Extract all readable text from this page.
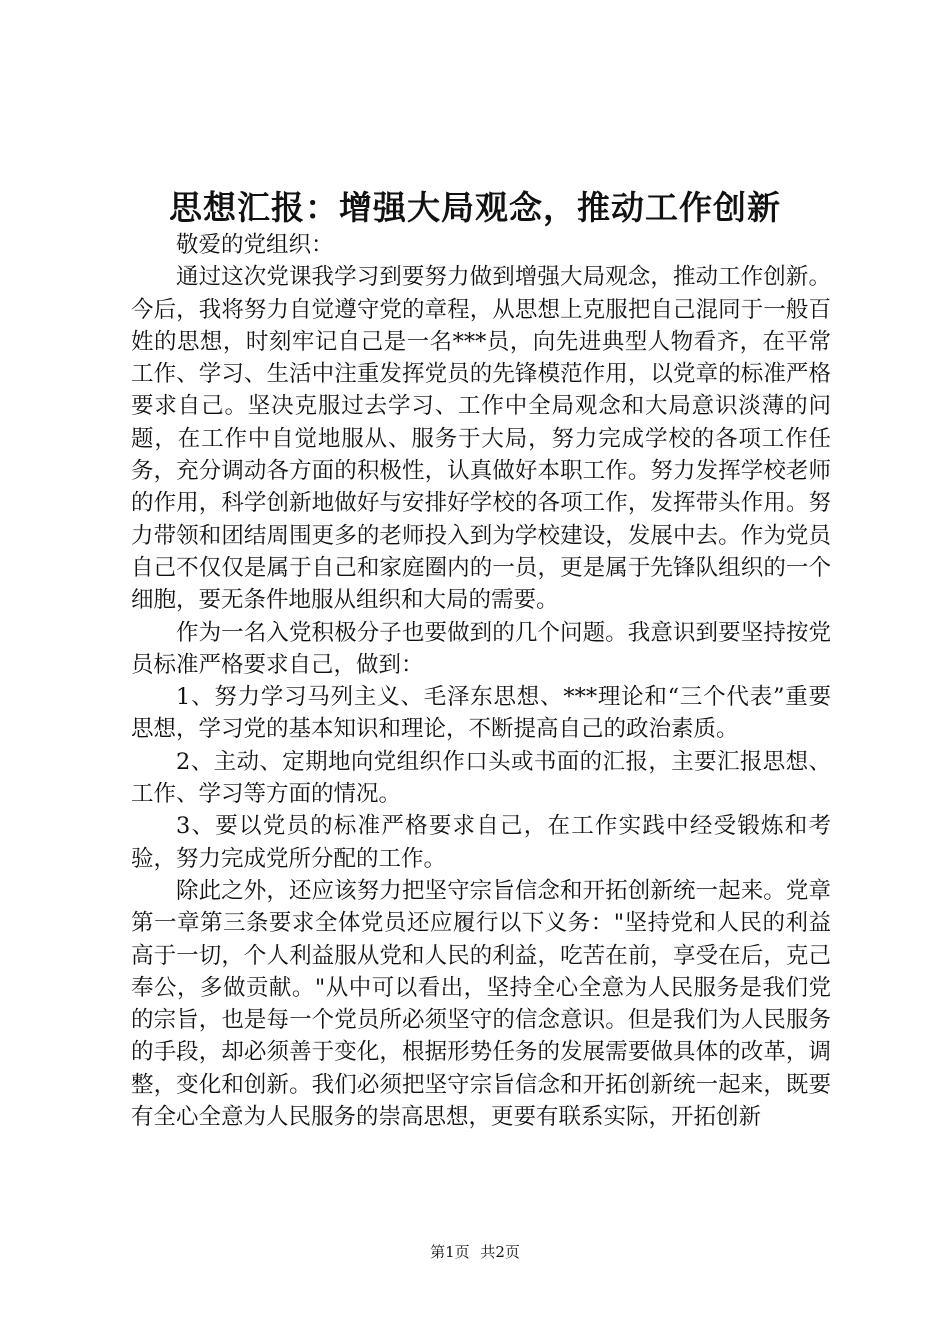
思想汇报：增强大局观念，推动工作创新

敬爱的党组织：

通过这次党课我学习到要努力做到增强大局观念，推动工作创新。今后，我将努力自觉遵守党的章程，从思想上克服把自己混同于一般百姓的思想，时刻牢记自己是一名***员，向先进典型人物看齐，在平常工作、学习、生活中注重发挥党员的先锋模范作用，以党章的标准严格要求自己。坚决克服过去学习、工作中全局观念和大局意识淡薄的问题，在工作中自觉地服从、服务于大局，努力完成学校的各项工作任务，充分调动各方面的积极性，认真做好本职工作。努力发挥学校老师的作用，科学创新地做好与安排好学校的各项工作，发挥带头作用。努力带领和团结周围更多的老师投入到为学校建设，发展中去。作为党员自己不仅仅是属于自己和家庭圈内的一员，更是属于先锋队组织的一个细胞，要无条件地服从组织和大局的需要。

作为一名入党积极分子也要做到的几个问题。我意识到要坚持按党员标准严格要求自己，做到：

1、努力学习马列主义、毛泽东思想、***理论和“三个代表”重要思想，学习党的基本知识和理论，不断提高自己的政治素质。

2、主动、定期地向党组织作口头或书面的汇报，主要汇报思想、工作、学习等方面的情况。

3、要以党员的标准严格要求自己，在工作实践中经受锻炼和考验，努力完成党所分配的工作。

除此之外，还应该努力把坚守宗旨信念和开拓创新统一起来。党章第一章第三条要求全体党员还应履行以下义务："坚持党和人民的利益高于一切，个人利益服从党和人民的利益，吃苦在前，享受在后，克己奉公，多做贡献。"从中可以看出，坚持全心全意为人民服务是我们党的宗旨，也是每一个党员所必须坚守的信念意识。但是我们为人民服务的手段，却必须善于变化，根据形势任务的发展需要做具体的改革，调整，变化和创新。我们必须把坚守宗旨信念和开拓创新统一起来，既要有全心全意为人民服务的崇高思想，更要有联系实际，开拓创新

第1页 共2页
